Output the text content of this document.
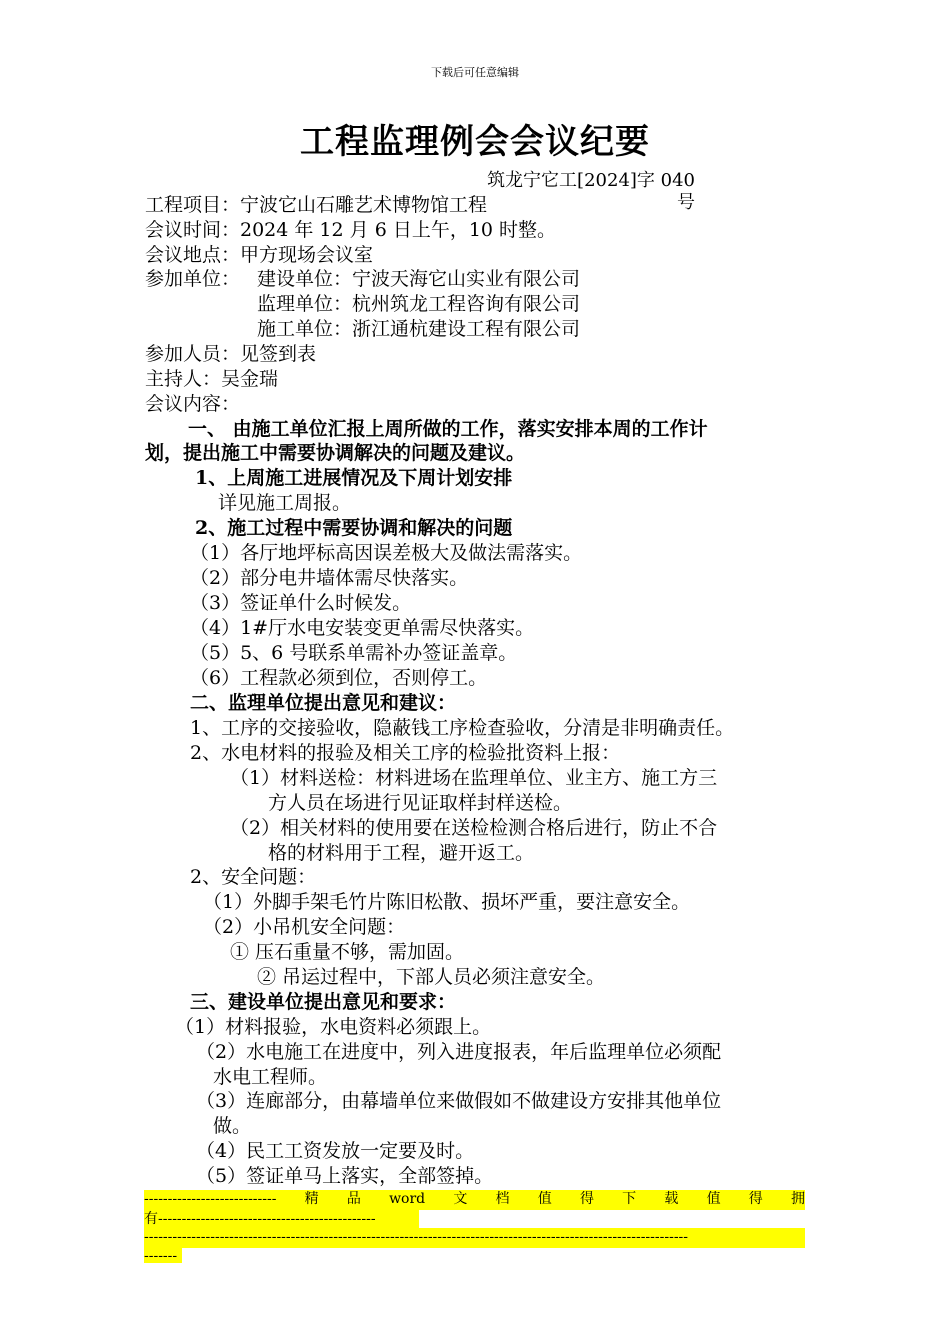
下载后可任意编辑
工程监理例会会议纪要
筑龙宁它工[2024]字 040 号
工程项目：宁波它山石雕艺术博物馆工程
会议时间：2024 年 12 月 6 日上午，10 时整。
会议地点：甲方现场会议室
参加单位： 建设单位：宁波天海它山实业有限公司
监理单位：杭州筑龙工程咨询有限公司
施工单位：浙江通杭建设工程有限公司
参加人员：见签到表
主持人：吴金瑞
会议内容：
一、 由施工单位汇报上周所做的工作，落实安排本周的工作计
划，提出施工中需要协调解决的问题及建议。
1、上周施工进展情况及下周计划安排
详见施工周报。
2、施工过程中需要协调和解决的问题
（1）各厅地坪标高因误差极大及做法需落实。
（2）部分电井墙体需尽快落实。
（3）签证单什么时候发。
（4）1#厅水电安装变更单需尽快落实。
（5）5、6 号联系单需补办签证盖章。
（6）工程款必须到位，否则停工。
二、监理单位提出意见和建议：
1、工序的交接验收，隐蔽钱工序检查验收，分清是非明确责任。
2、水电材料的报验及相关工序的检验批资料上报：
（1）材料送检：材料进场在监理单位、业主方、施工方三
方人员在场进行见证取样封样送检。
（2）相关材料的使用要在送检检测合格后进行，防止不合
格的材料用于工程，避开返工。
2、安全问题：
（1）外脚手架毛竹片陈旧松散、损坏严重，要注意安全。
（2）小吊机安全问题：
① 压石重量不够，需加固。
② 吊运过程中，下部人员必须注意安全。
三、建设单位提出意见和要求：
（1）材料报验，水电资料必须跟上。
（2）水电施工在进度中，列入进度报表，年后监理单位必须配
水电工程师。
（3）连廊部分，由幕墙单位来做假如不做建设方安排其他单位
做。
（4）民工工资发放一定要及时。
（5）签证单马上落实，全部签掉。
---------------------------- 精 品 word 文 档 值 得 下 载 值 得 拥
有----------------------------------------------
-------------------------------------------------------------------------------------------------------------------
-------
